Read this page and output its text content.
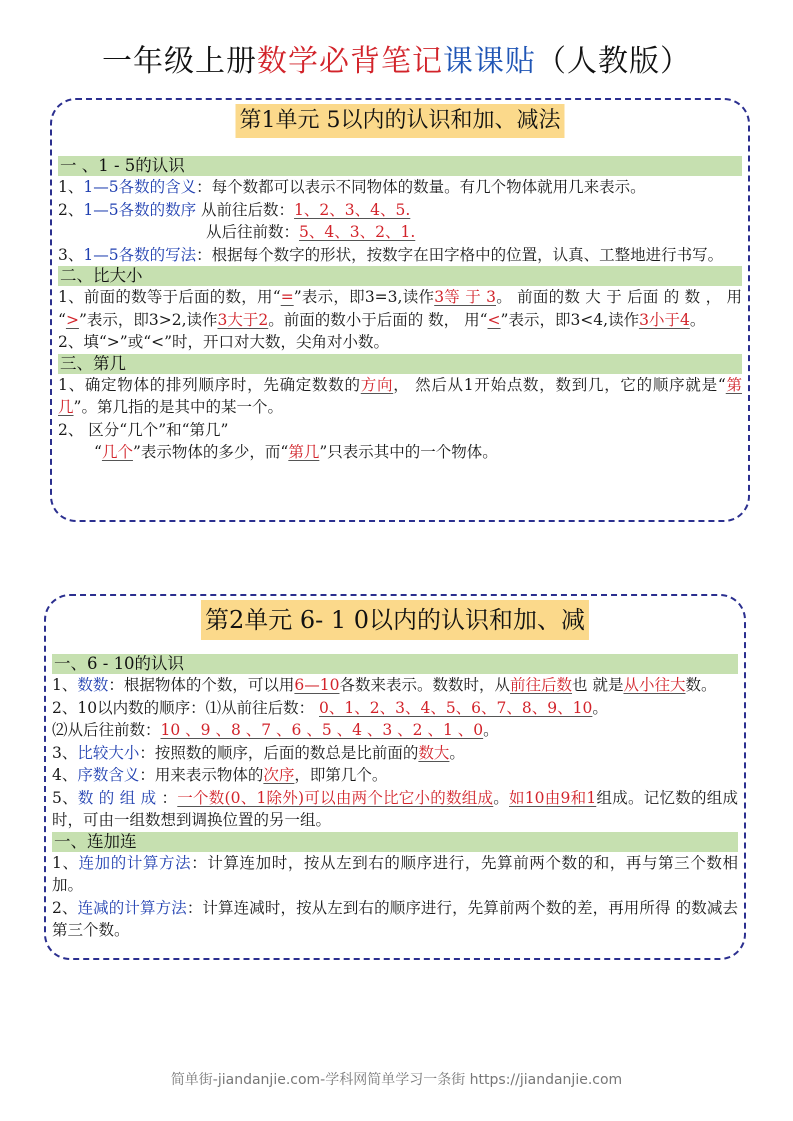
一年级上册数学必背笔记课课贴（人教版）
第1单元 5以内的认识和加、减法

一 、1 - 5的认识

1、1—5各数的含义：每个数都可以表示不同物体的数量。有几个物体就用几来表示。

2、1—5各数的数序 从前往后数：1、2、3、4、5.

从后往前数：5、4、3、2、1.

3、1—5各数的写法：根据每个数字的形状，按数字在田字格中的位置，认真、工整地进行书写。

二、比大小

1、前面的数等于后面的数，用“=”表示，即3=3,读作3等 于 3。 前面的数 大 于 后面 的 数 ， 用 “>”表示，即3>2,读作3大于2。前面的数小于后面的 数， 用“<”表示，即3<4,读作3小于4。

2、填“>”或“<”时，开口对大数，尖角对小数。

三、第几

1、确定物体的排列顺序时，先确定数数的方向， 然后从1开始点数，数到几，它的顺序就是“第几”。第几指的是其中的某一个。

2、 区分“几个”和“第几”

“几个”表示物体的多少，而“第几”只表示其中的一个物体。

第2单元 6- 1 0以内的认识和加、减

一、6 - 10的认识

1、数数：根据物体的个数，可以用6—10各数来表示。数数时，从前往后数也 就是从小往大数。

2、10以内数的顺序：⑴从前往后数： 0、1、2、3、4、5、6、7、8、9、10。

⑵从后往前数：10 、9 、8 、7 、6 、5 、4 、3 、2 、1 、0。

3、比较大小：按照数的顺序，后面的数总是比前面的数大。

4、序数含义：用来表示物体的次序，即第几个。

5、数 的 组 成 ：一个数(0、1除外)可以由两个比它小的数组成。如10由9和1组成。记忆数的组成时，可由一组数想到调换位置的另一组。

一、连加连

1、连加的计算方法：计算连加时，按从左到右的顺序进行，先算前两个数的和，再与第三个数相加。

2、连减的计算方法：计算连减时，按从左到右的顺序进行，先算前两个数的差，再用所得 的数减去第三个数。

简单街-jiandanjie.com-学科网简单学习一条街 https://jiandanjie.com
